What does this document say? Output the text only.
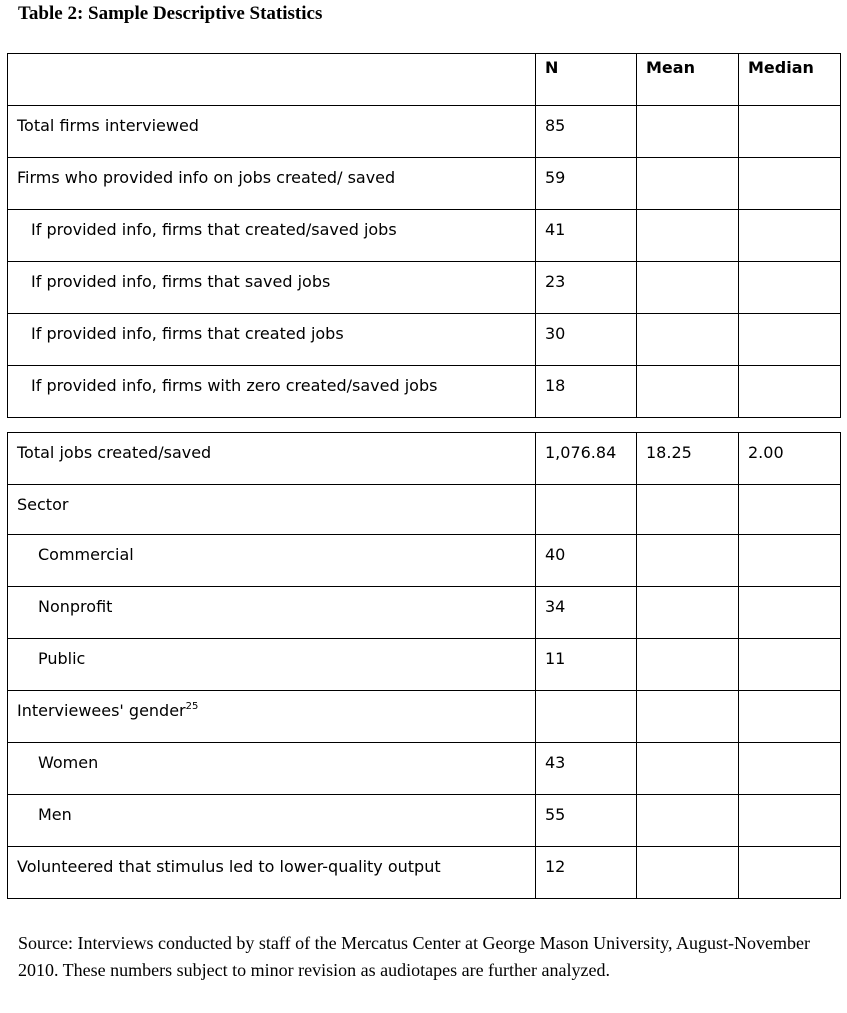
Table 2: Sample Descriptive Statistics

	N	Mean	Median

Total firms interviewed	85		

Firms who provided info on jobs created/ saved	59		

If provided info, firms that created/saved jobs	41		

If provided info, firms that saved jobs	23		

If provided info, firms that created jobs	30		

If provided info, firms with zero created/saved jobs	18		

Total jobs created/saved	1,076.84	18.25	2.00

Sector			

Commercial	40		

Nonprofit	34		

Public	11		

Interviewees' gender$^{25}$

Women	43		

Men	55		

Volunteered that stimulus led to lower-quality output	12		

Source: Interviews conducted by staff of the Mercatus Center at George Mason University, August-November 2010. These numbers subject to minor revision as audiotapes are further analyzed.
